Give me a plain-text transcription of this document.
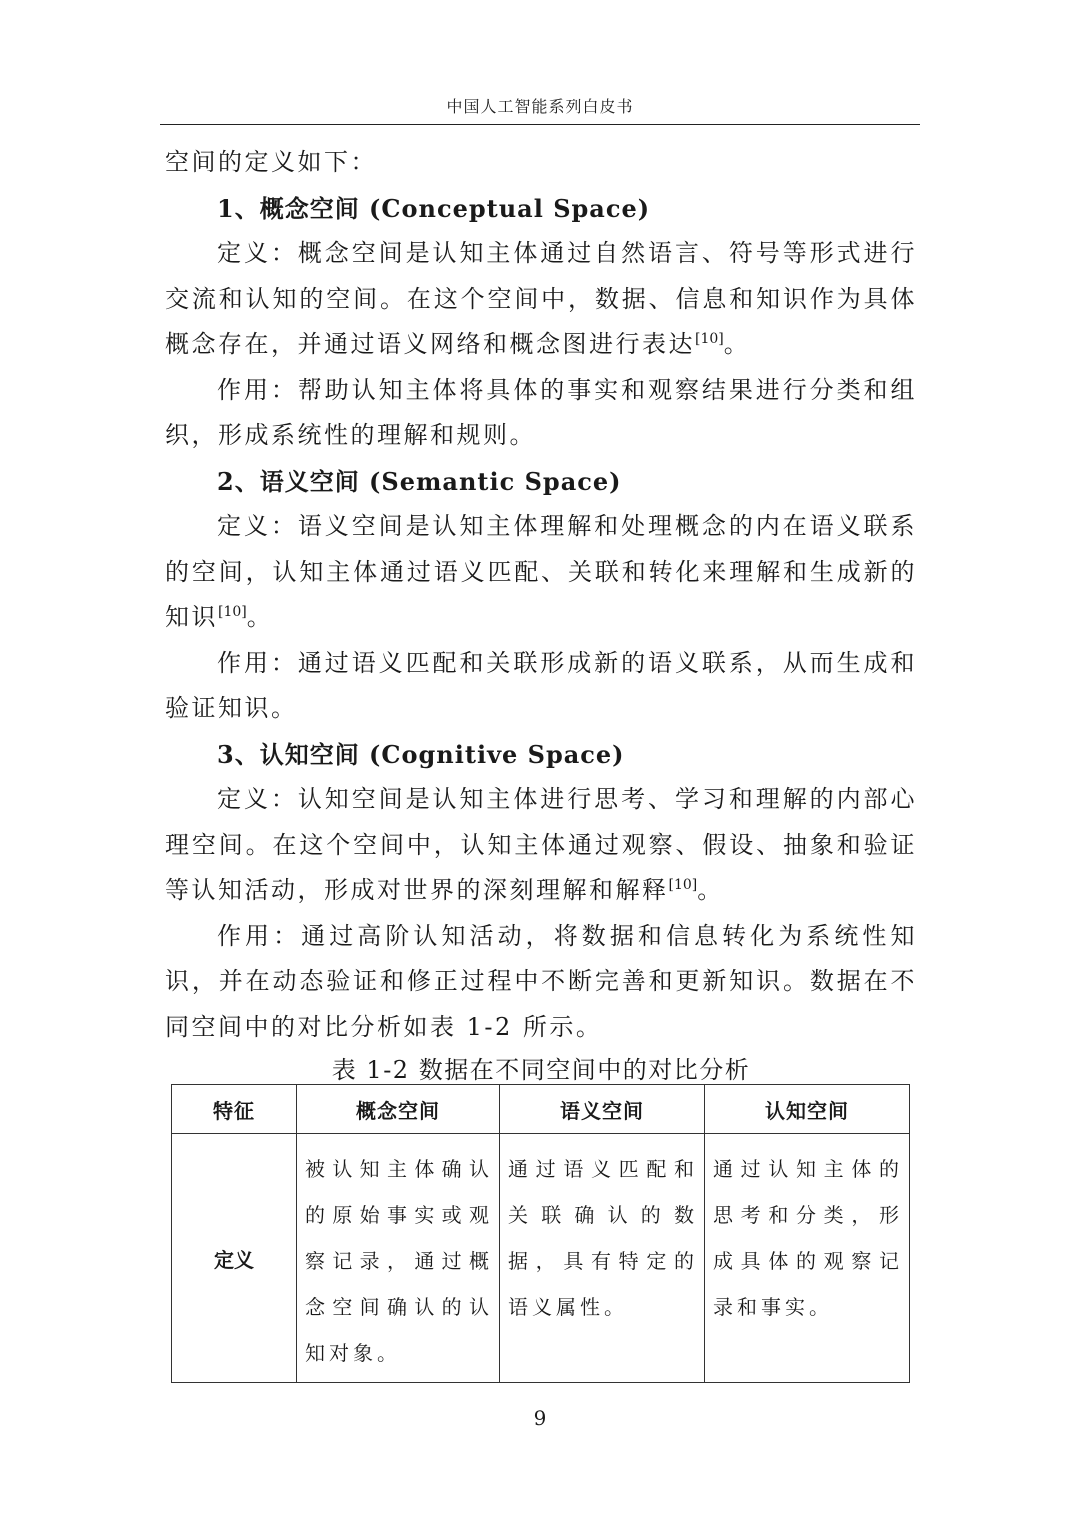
中国人工智能系列白皮书

空间的定义如下：

1、概念空间 (Conceptual Space)

定义：概念空间是认知主体通过自然语言、符号等形式进行交流和认知的空间。在这个空间中，数据、信息和知识作为具体概念存在，并通过语义网络和概念图进行表达[10]。

作用：帮助认知主体将具体的事实和观察结果进行分类和组织，形成系统性的理解和规则。

2、语义空间 (Semantic Space)

定义：语义空间是认知主体理解和处理概念的内在语义联系的空间，认知主体通过语义匹配、关联和转化来理解和生成新的知识[10]。

作用：通过语义匹配和关联形成新的语义联系，从而生成和验证知识。

3、认知空间 (Cognitive Space)

定义：认知空间是认知主体进行思考、学习和理解的内部心理空间。在这个空间中，认知主体通过观察、假设、抽象和验证等认知活动，形成对世界的深刻理解和解释[10]。

作用：通过高阶认知活动，将数据和信息转化为系统性知识，并在动态验证和修正过程中不断完善和更新知识。数据在不同空间中的对比分析如表 1-2 所示。

表 1-2 数据在不同空间中的对比分析
特征	概念空间	语义空间	认知空间
定义	被认知主体确认的原始事实或观察记录，通过概念空间确认的认知对象。	通过语义匹配和关联确认的数据，具有特定的语义属性。	通过认知主体的思考和分类，形成具体的观察记录和事实。
9
